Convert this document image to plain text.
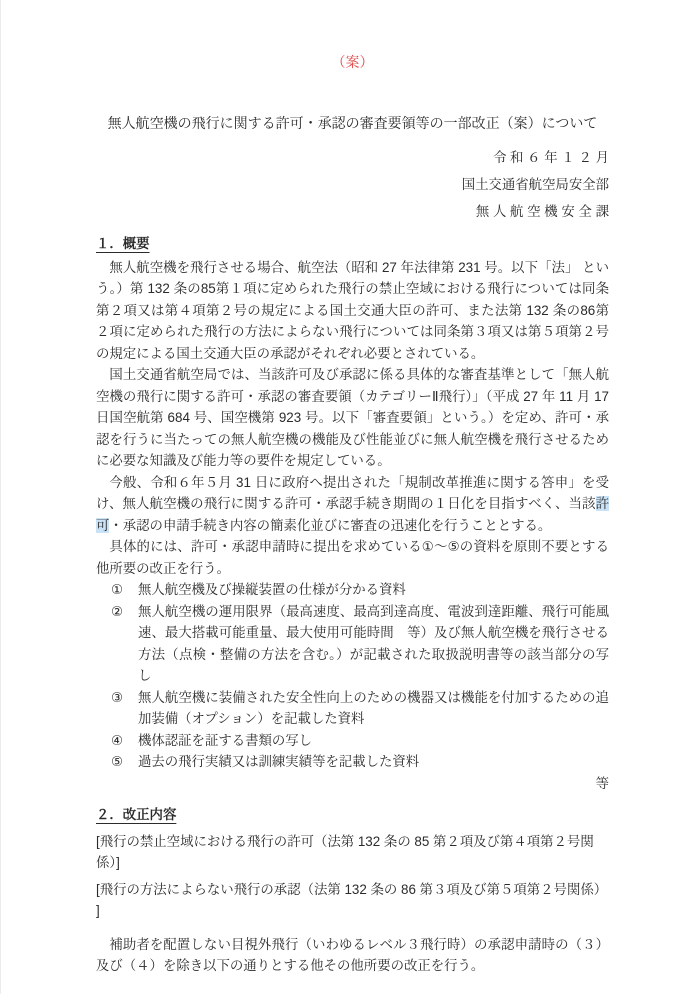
（案）
無人航空機の飛行に関する許可・承認の審査要領等の一部改正（案）について
令 和 ６ 年 １ ２ 月
国土交通省航空局安全部
無 人 航 空 機 安 全 課
１．概要

無人航空機を飛行させる場合、航空法（昭和 27 年法律第 231 号。以下「法」 という。）第 132 条の85第１項に定められた飛行の禁止空域における飛行については同条第２項又は第４項第２号の規定による国土交通大臣の許可、また法第 132 条の86第２項に定められた飛行の方法によらない飛行については同条第３項又は第５項第２号の規定による国土交通大臣の承認がそれぞれ必要とされている。

国土交通省航空局では、当該許可及び承認に係る具体的な審査基準として「無人航空機の飛行に関する許可・承認の審査要領（カテゴリーⅡ飛行）」（平成 27 年 11 月 17 日国空航第 684 号、国空機第 923 号。以下「審査要領」という。）を定め、許可・承認を行うに当たっての無人航空機の機能及び性能並びに無人航空機を飛行させるために必要な知識及び能力等の要件を規定している。

今般、令和６年５月 31 日に政府へ提出された「規制改革推進に関する答申」を受け、無人航空機の飛行に関する許可・承認手続き期間の１日化を目指すべく、当該許可・承認の申請手続き内容の簡素化並びに審査の迅速化を行うこととする。

具体的には、許可・承認申請時に提出を求めている①～⑤の資料を原則不要とする他所要の改正を行う。

①	無人航空機及び操縦装置の仕様が分かる資料
②	無人航空機の運用限界（最高速度、最高到達高度、電波到達距離、飛行可能風速、最大搭載可能重量、最大使用可能時間　等）及び無人航空機を飛行させる方法（点検・整備の方法を含む。）が記載された取扱説明書等の該当部分の写し
③	無人航空機に装備された安全性向上のための機器又は機能を付加するための追加装備（オプション）を記載した資料
④	機体認証を証する書類の写し
⑤	過去の飛行実績又は訓練実績等を記載した資料

等

２．改正内容

[飛行の禁止空域における飛行の許可（法第 132 条の 85 第２項及び第４項第２号関係）]

[飛行の方法によらない飛行の承認（法第 132 条の 86 第３項及び第５項第２号関係） ]

補助者を配置しない目視外飛行（いわゆるレベル３飛行時）の承認申請時の（３）及び（４）を除き以下の通りとする他その他所要の改正を行う。
